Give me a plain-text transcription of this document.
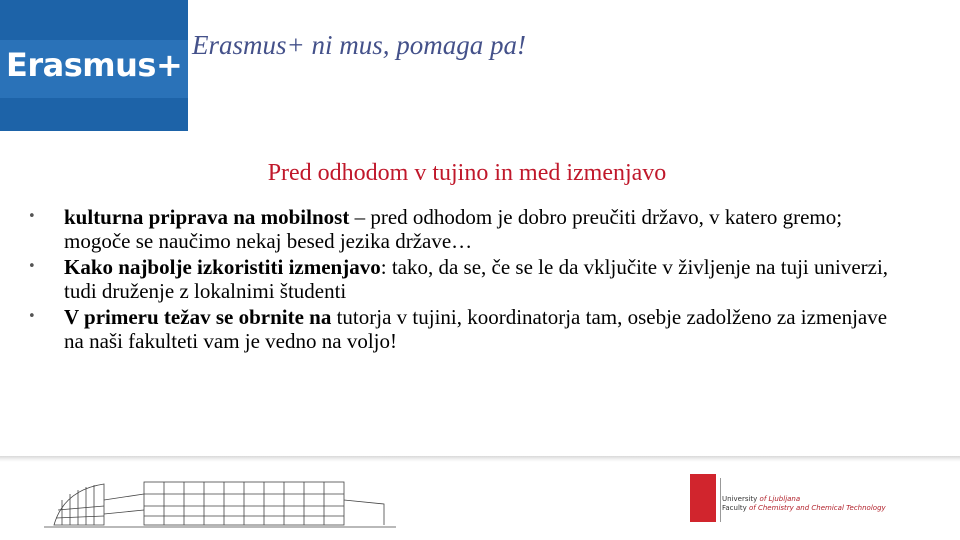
Erasmus+
Erasmus+ ni mus, pomaga pa!
Pred odhodom v tujino in med izmenjavo
• kulturna priprava na mobilnost – pred odhodom je dobro preučiti državo, v katero gremo; mogoče se naučimo nekaj besed jezika države…
• Kako najbolje izkoristiti izmenjavo: tako, da se, če se le da vključite v življenje na tuji univerzi, tudi druženje z lokalnimi študenti
• V primeru težav se obrnite na tutorja v tujini, koordinatorja tam, osebje zadolženo za izmenjave na naši fakulteti vam je vedno na voljo!
University of Ljubljana
Faculty of Chemistry and Chemical Technology
